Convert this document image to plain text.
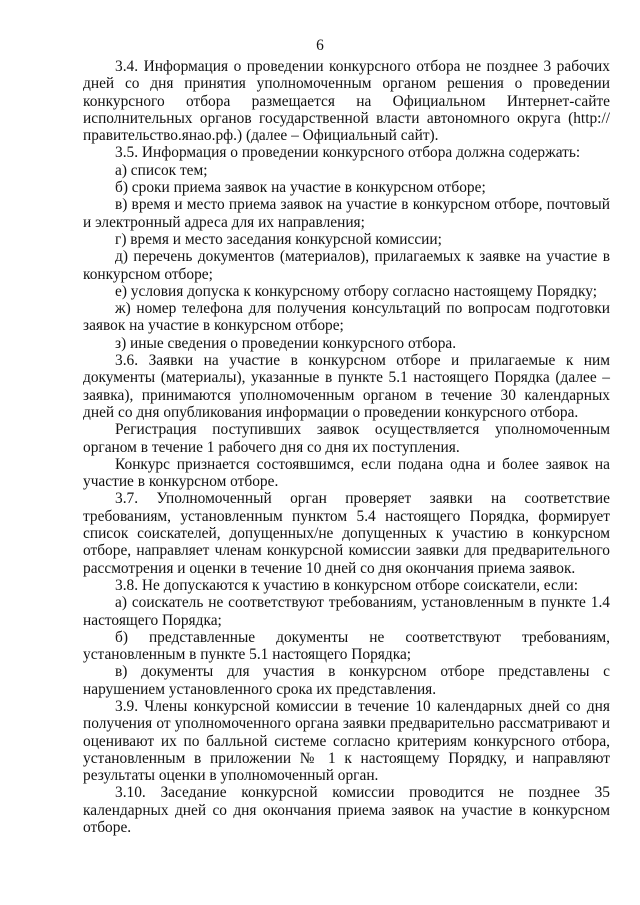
6

3.4. Информация о проведении конкурсного отбора не позднее 3 рабочих дней со дня принятия уполномоченным органом решения о проведении конкурсного отбора размещается на Официальном Интернет-сайте исполнительных органов государственной власти автономного округа (http://правительство.янао.рф.) (далее – Официальный сайт).

3.5. Информация о проведении конкурсного отбора должна содержать:

а) список тем;

б) сроки приема заявок на участие в конкурсном отборе;

в) время и место приема заявок на участие в конкурсном отборе, почтовый и электронный адреса для их направления;

г) время и место заседания конкурсной комиссии;

д) перечень документов (материалов), прилагаемых к заявке на участие в конкурсном отборе;

е) условия допуска к конкурсному отбору согласно настоящему Порядку;

ж) номер телефона для получения консультаций по вопросам подготовки заявок на участие в конкурсном отборе;

з) иные сведения о проведении конкурсного отбора.

3.6. Заявки на участие в конкурсном отборе и прилагаемые к ним документы (материалы), указанные в пункте 5.1 настоящего Порядка (далее – заявка), принимаются уполномоченным органом в течение 30 календарных дней со дня опубликования информации о проведении конкурсного отбора.

Регистрация поступивших заявок осуществляется уполномоченным органом в течение 1 рабочего дня со дня их поступления.

Конкурс признается состоявшимся, если подана одна и более заявок на участие в конкурсном отборе.

3.7. Уполномоченный орган проверяет заявки на соответствие требованиям, установленным пунктом 5.4 настоящего Порядка, формирует список соискателей, допущенных/не допущенных к участию в конкурсном отборе, направляет членам конкурсной комиссии заявки для предварительного рассмотрения и оценки в течение 10 дней со дня окончания приема заявок.

3.8. Не допускаются к участию в конкурсном отборе соискатели, если:

а) соискатель не соответствуют требованиям, установленным в пункте 1.4 настоящего Порядка;

б) представленные документы не соответствуют требованиям, установленным в пункте 5.1 настоящего Порядка;

в) документы для участия в конкурсном отборе представлены с нарушением установленного срока их представления.

3.9. Члены конкурсной комиссии в течение 10 календарных дней со дня получения от уполномоченного органа заявки предварительно рассматривают и оценивают их по балльной системе согласно критериям конкурсного отбора, установленным в приложении № 1 к настоящему Порядку, и направляют результаты оценки в уполномоченный орган.

3.10. Заседание конкурсной комиссии проводится не позднее 35 календарных дней со дня окончания приема заявок на участие в конкурсном отборе.
